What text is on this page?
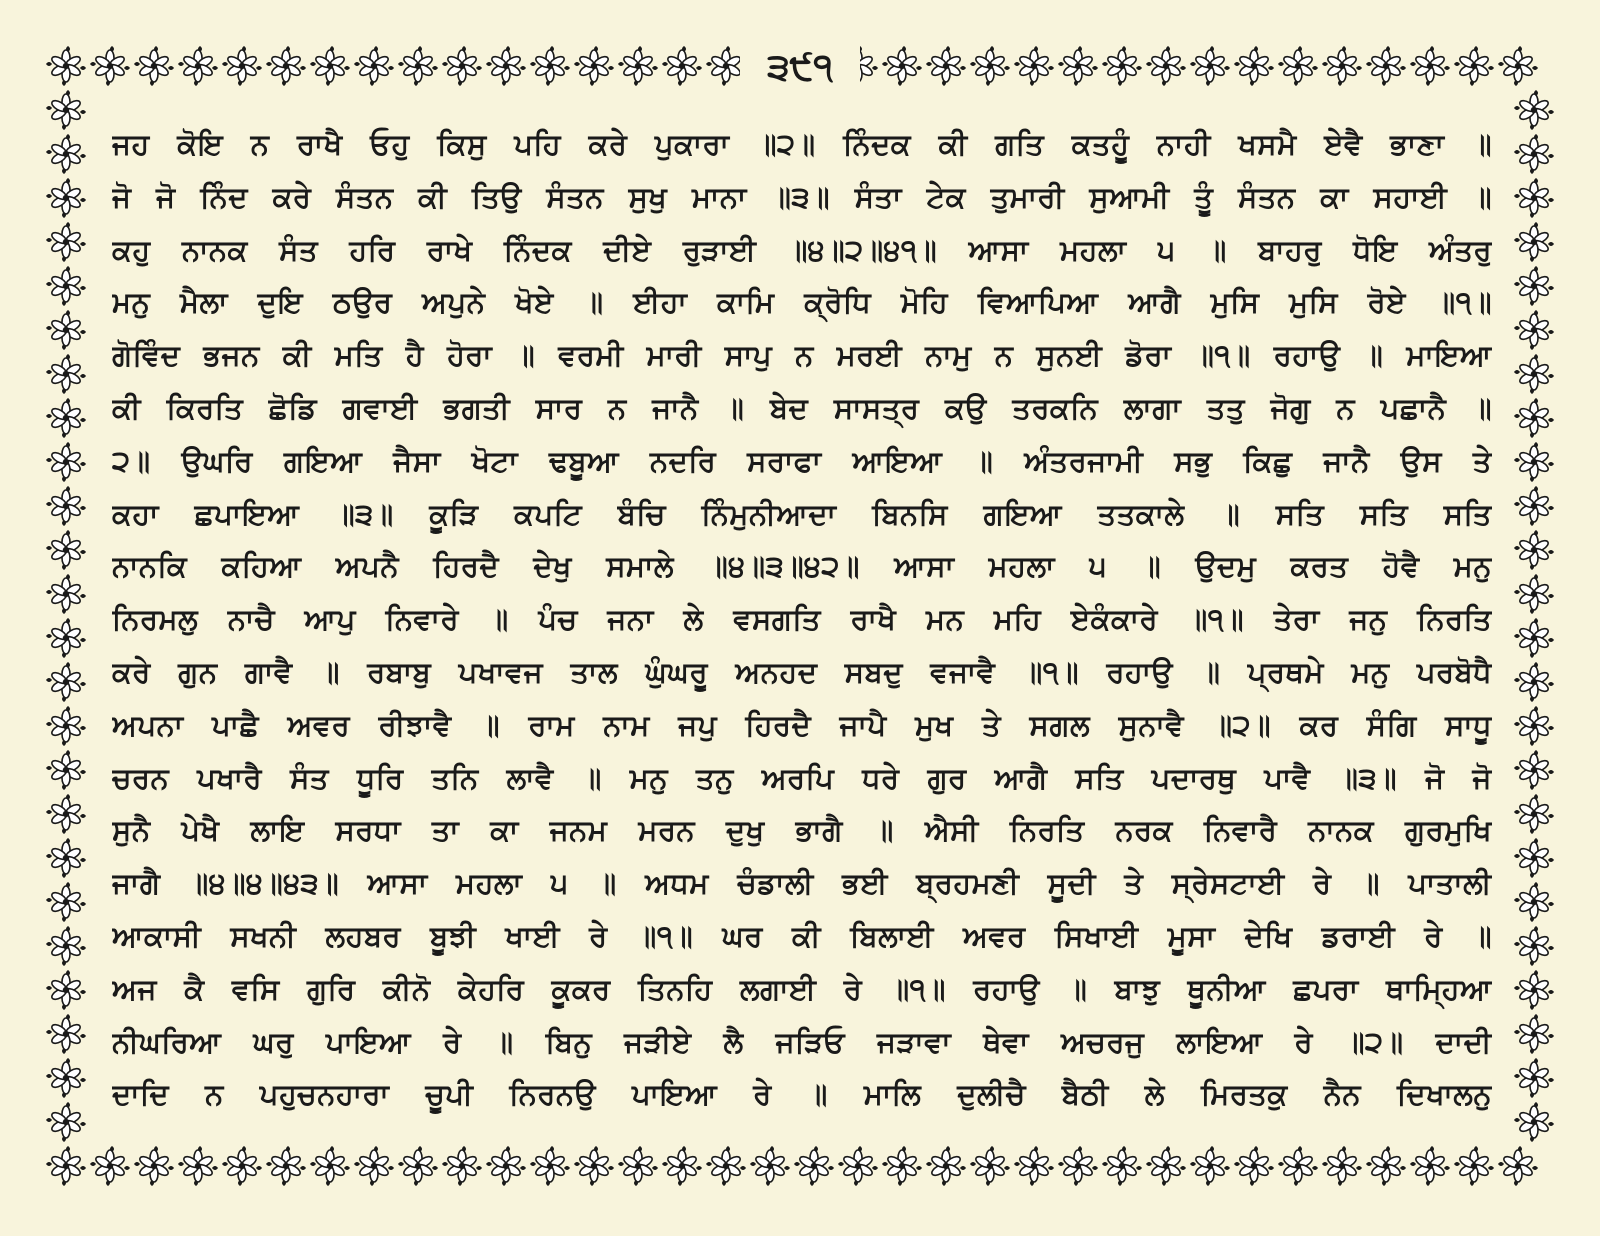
੩੯੧
ਜਹ ਕੋਇ ਨ ਰਾਖੈ ਓਹੁ ਕਿਸੁ ਪਹਿ ਕਰੇ ਪੁਕਾਰਾ ॥੨॥ ਨਿੰਦਕ ਕੀ ਗਤਿ ਕਤਹੂੰ ਨਾਹੀ ਖਸਮੈ ਏਵੈ ਭਾਣਾ ॥
ਜੋ ਜੋ ਨਿੰਦ ਕਰੇ ਸੰਤਨ ਕੀ ਤਿਉ ਸੰਤਨ ਸੁਖੁ ਮਾਨਾ ॥੩॥ ਸੰਤਾ ਟੇਕ ਤੁਮਾਰੀ ਸੁਆਮੀ ਤੂੰ ਸੰਤਨ ਕਾ ਸਹਾਈ ॥
ਕਹੁ ਨਾਨਕ ਸੰਤ ਹਰਿ ਰਾਖੇ ਨਿੰਦਕ ਦੀਏ ਰੁੜਾਈ ॥੪॥੨॥੪੧॥ ਆਸਾ ਮਹਲਾ ੫ ॥ ਬਾਹਰੁ ਧੋਇ ਅੰਤਰੁ
ਮਨੁ ਮੈਲਾ ਦੁਇ ਠਉਰ ਅਪੁਨੇ ਖੋਏ ॥ ਈਹਾ ਕਾਮਿ ਕ੍ਰੋਧਿ ਮੋਹਿ ਵਿਆਪਿਆ ਆਗੈ ਮੁਸਿ ਮੁਸਿ ਰੋਏ ॥੧॥
ਗੋਵਿੰਦ ਭਜਨ ਕੀ ਮਤਿ ਹੈ ਹੋਰਾ ॥ ਵਰਮੀ ਮਾਰੀ ਸਾਪੁ ਨ ਮਰਈ ਨਾਮੁ ਨ ਸੁਨਈ ਡੋਰਾ ॥੧॥ ਰਹਾਉ ॥ ਮਾਇਆ
ਕੀ ਕਿਰਤਿ ਛੋਡਿ ਗਵਾਈ ਭਗਤੀ ਸਾਰ ਨ ਜਾਨੈ ॥ ਬੇਦ ਸਾਸਤ੍ਰ ਕਉ ਤਰਕਨਿ ਲਾਗਾ ਤਤੁ ਜੋਗੁ ਨ ਪਛਾਨੈ ॥
੨॥ ਉਘਰਿ ਗਇਆ ਜੈਸਾ ਖੋਟਾ ਢਬੂਆ ਨਦਰਿ ਸਰਾਫਾ ਆਇਆ ॥ ਅੰਤਰਜਾਮੀ ਸਭੁ ਕਿਛੁ ਜਾਨੈ ਉਸ ਤੇ
ਕਹਾ ਛਪਾਇਆ ॥੩॥ ਕੂੜਿ ਕਪਟਿ ਬੰਚਿ ਨਿੰਮੁਨੀਆਦਾ ਬਿਨਸਿ ਗਇਆ ਤਤਕਾਲੇ ॥ ਸਤਿ ਸਤਿ ਸਤਿ
ਨਾਨਕਿ ਕਹਿਆ ਅਪਨੈ ਹਿਰਦੈ ਦੇਖੁ ਸਮਾਲੇ ॥੪॥੩॥੪੨॥ ਆਸਾ ਮਹਲਾ ੫ ॥ ਉਦਮੁ ਕਰਤ ਹੋਵੈ ਮਨੁ
ਨਿਰਮਲੁ ਨਾਚੈ ਆਪੁ ਨਿਵਾਰੇ ॥ ਪੰਚ ਜਨਾ ਲੇ ਵਸਗਤਿ ਰਾਖੈ ਮਨ ਮਹਿ ਏਕੰਕਾਰੇ ॥੧॥ ਤੇਰਾ ਜਨੁ ਨਿਰਤਿ
ਕਰੇ ਗੁਨ ਗਾਵੈ ॥ ਰਬਾਬੁ ਪਖਾਵਜ ਤਾਲ ਘੁੰਘਰੂ ਅਨਹਦ ਸਬਦੁ ਵਜਾਵੈ ॥੧॥ ਰਹਾਉ ॥ ਪ੍ਰਥਮੇ ਮਨੁ ਪਰਬੋਧੈ
ਅਪਨਾ ਪਾਛੈ ਅਵਰ ਰੀਝਾਵੈ ॥ ਰਾਮ ਨਾਮ ਜਪੁ ਹਿਰਦੈ ਜਾਪੈ ਮੁਖ ਤੇ ਸਗਲ ਸੁਨਾਵੈ ॥੨॥ ਕਰ ਸੰਗਿ ਸਾਧੂ
ਚਰਨ ਪਖਾਰੈ ਸੰਤ ਧੂਰਿ ਤਨਿ ਲਾਵੈ ॥ ਮਨੁ ਤਨੁ ਅਰਪਿ ਧਰੇ ਗੁਰ ਆਗੈ ਸਤਿ ਪਦਾਰਥੁ ਪਾਵੈ ॥੩॥ ਜੋ ਜੋ
ਸੁਨੈ ਪੇਖੈ ਲਾਇ ਸਰਧਾ ਤਾ ਕਾ ਜਨਮ ਮਰਨ ਦੁਖੁ ਭਾਗੈ ॥ ਐਸੀ ਨਿਰਤਿ ਨਰਕ ਨਿਵਾਰੈ ਨਾਨਕ ਗੁਰਮੁਖਿ
ਜਾਗੈ ॥੪॥੪॥੪੩॥ ਆਸਾ ਮਹਲਾ ੫ ॥ ਅਧਮ ਚੰਡਾਲੀ ਭਈ ਬ੍ਰਹਮਣੀ ਸੂਦੀ ਤੇ ਸ੍ਰੇਸਟਾਈ ਰੇ ॥ ਪਾਤਾਲੀ
ਆਕਾਸੀ ਸਖਨੀ ਲਹਬਰ ਬੂਝੀ ਖਾਈ ਰੇ ॥੧॥ ਘਰ ਕੀ ਬਿਲਾਈ ਅਵਰ ਸਿਖਾਈ ਮੂਸਾ ਦੇਖਿ ਡਰਾਈ ਰੇ ॥
ਅਜ ਕੈ ਵਸਿ ਗੁਰਿ ਕੀਨੋ ਕੇਹਰਿ ਕੂਕਰ ਤਿਨਹਿ ਲਗਾਈ ਰੇ ॥੧॥ ਰਹਾਉ ॥ ਬਾਝੁ ਥੂਨੀਆ ਛਪਰਾ ਥਾਮ੍ਹਿਆ
ਨੀਘਰਿਆ ਘਰੁ ਪਾਇਆ ਰੇ ॥ ਬਿਨੁ ਜੜੀਏ ਲੈ ਜੜਿਓ ਜੜਾਵਾ ਥੇਵਾ ਅਚਰਜੁ ਲਾਇਆ ਰੇ ॥੨॥ ਦਾਦੀ
ਦਾਦਿ ਨ ਪਹੁਚਨਹਾਰਾ ਚੂਪੀ ਨਿਰਨਉ ਪਾਇਆ ਰੇ ॥ ਮਾਲਿ ਦੁਲੀਚੈ ਬੈਠੀ ਲੇ ਮਿਰਤਕੁ ਨੈਨ ਦਿਖਾਲਨੁ
